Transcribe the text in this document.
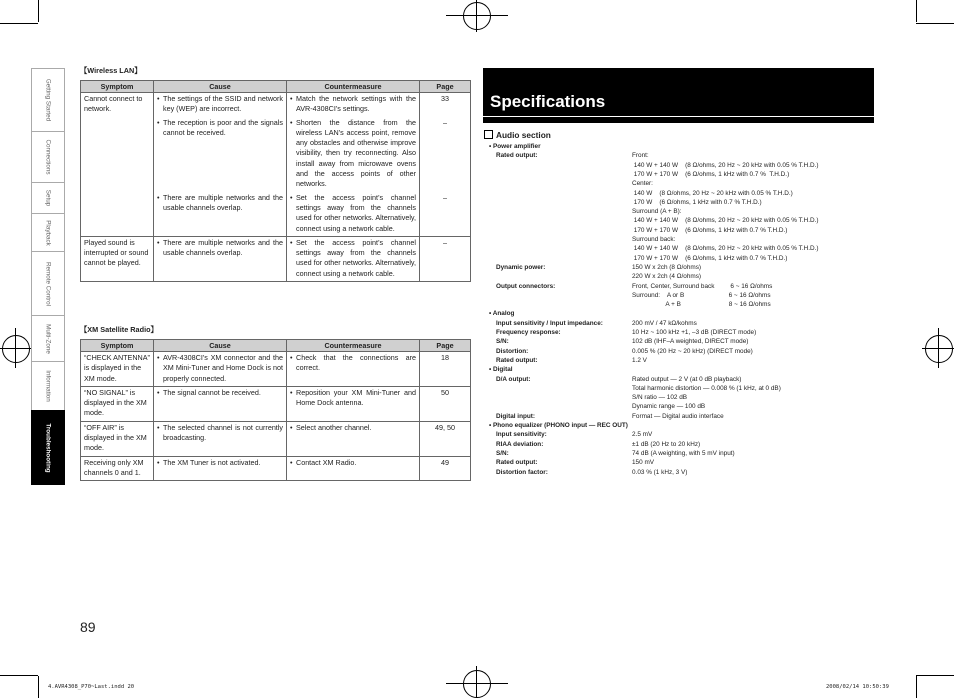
Getting Started
Connections
Setup
Playback
Remote Control
Multi-Zone
Information
Troubleshooting
【Wireless LAN】
Symptom	Cause	Countermeasure	Page
Cannot connect to network.	• The settings of the SSID and network key (WEP) are incorrect.	• Match the network settings with the AVR-4308CI’s settings.	33

	• The reception is poor and the signals cannot be received.	• Shorten the distance from the wireless LAN’s access point, remove any obstacles and otherwise improve visibility, then try reconnecting. Also install away from microwave ovens and the access points of other networks.	–

	• There are multiple networks and the usable channels overlap.	• Set the access point’s channel settings away from the channels used for other networks. Alternatively, connect using a network cable.	–
Played sound is interrupted or sound cannot be played.	• There are multiple networks and the usable channels overlap.	• Set the access point’s channel settings away from the channels used for other networks. Alternatively, connect using a network cable.	–
【XM Satellite Radio】
Symptom	Cause	Countermeasure	Page
“CHECK ANTENNA” is displayed in the XM mode.	• AVR-4308CI’s XM connector and the XM Mini-Tuner and Home Dock is not properly connected.	• Check that the connections are correct.	18
“NO SIGNAL” is displayed in the XM mode.	• The signal cannot be received.	• Reposition your XM Mini-Tuner and Home Dock antenna.	50
“OFF AIR” is displayed in the XM mode.	• The selected channel is not currently broadcasting.	• Select another channel.	49, 50
Receiving only XM channels 0 and 1.	• The XM Tuner is not activated.	• Contact XM Radio.	49
Specifications
Audio section
• Power amplifier
Rated output:	Front:
140 W + 140 W    (8 Ω/ohms, 20 Hz ~ 20 kHz with 0.05 % T.H.D.)
170 W + 170 W    (6 Ω/ohms, 1 kHz with 0.7 %  T.H.D.)
Center:
140 W    (8 Ω/ohms, 20 Hz ~ 20 kHz with 0.05 % T.H.D.)
170 W    (6 Ω/ohms, 1 kHz with 0.7 % T.H.D.)
Surround (A + B):
140 W + 140 W    (8 Ω/ohms, 20 Hz ~ 20 kHz with 0.05 % T.H.D.)
170 W + 170 W    (6 Ω/ohms, 1 kHz with 0.7 % T.H.D.)
Surround back:
140 W + 140 W    (8 Ω/ohms, 20 Hz ~ 20 kHz with 0.05 % T.H.D.)
170 W + 170 W    (6 Ω/ohms, 1 kHz with 0.7 % T.H.D.)
Dynamic power:	150 W x 2ch (8 Ω/ohms)
220 W x 2ch (4 Ω/ohms)
Output connectors:	Front, Center, Surround back         6 ~ 16 Ω/ohms
Surround:    A or B                         6 ~ 16 Ω/ohms
A + B                           8 ~ 16 Ω/ohms
• Analog
Input sensitivity / Input impedance:	200 mV / 47 kΩ/kohms
Frequency response:	10 Hz ~ 100 kHz +1, –3 dB (DIRECT mode)
S/N:	102 dB (IHF–A weighted, DIRECT mode)
Distortion:	0.005 % (20 Hz ~ 20 kHz) (DIRECT mode)
Rated output:	1.2 V
• Digital
D/A output:	Rated output — 2 V (at 0 dB playback)
Total harmonic distortion — 0.008 % (1 kHz, at 0 dB)
S/N ratio — 102 dB
Dynamic range — 100 dB
Digital input:	Format — Digital audio interface
• Phono equalizer (PHONO input — REC OUT)
Input sensitivity:	2.5 mV
RIAA deviation:	±1 dB (20 Hz to 20 kHz)
S/N:	74 dB (A weighting, with 5 mV input)
Rated output:	150 mV
Distortion factor:	0.03 % (1 kHz, 3 V)
89
4.AVR4308_P70~Last.indd 20	2008/02/14 10:50:39
